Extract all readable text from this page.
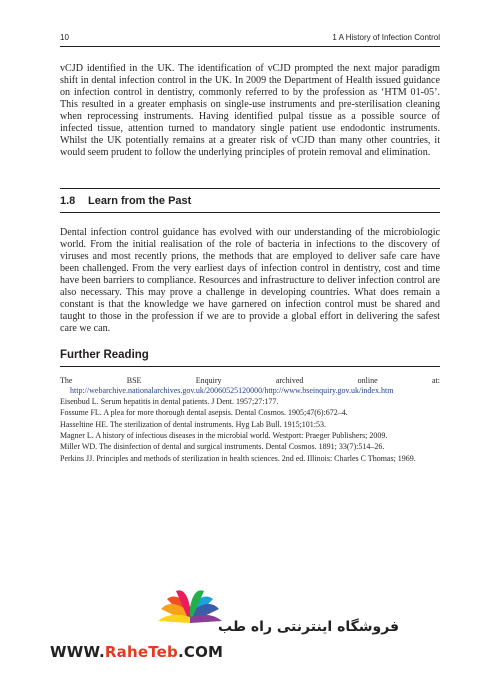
10	1 A History of Infection Control

vCJD identified in the UK. The identification of vCJD prompted the next major paradigm shift in dental infection control in the UK. In 2009 the Department of Health issued guidance on infection control in dentistry, commonly referred to by the profession as ‘HTM 01-05’. This resulted in a greater emphasis on single-use instruments and pre-sterilisation cleaning when reprocessing instruments. Having identified pulpal tissue as a possible source of infected tissue, attention turned to mandatory single patient use endodontic instruments. Whilst the UK potentially remains at a greater risk of vCJD than many other countries, it would seem prudent to follow the underlying principles of protein removal and elimination.

1.8 Learn from the Past

Dental infection control guidance has evolved with our understanding of the microbiologic world. From the initial realisation of the role of bacteria in infections to the discovery of viruses and most recently prions, the methods that are employed to deliver safe care have been challenged. From the very earliest days of infection control in dentistry, cost and time have been barriers to compliance. Resources and infrastructure to deliver infection control are also necessary. This may prove a challenge in developing countries. What does remain a constant is that the knowledge we have garnered on infection control must be shared and taught to those in the profession if we are to provide a global effort in delivering the safest care we can.

Further Reading
The BSE Enquiry archived online at: http://webarchive.nationalarchives.gov.uk/20060525120000/http://www.bseinquiry.gov.uk/index.htm
Eisenbud L. Serum hepatitis in dental patients. J Dent. 1957;27:177.
Fossume FL. A plea for more thorough dental asepsis. Dental Cosmos. 1905;47(6):672–4.
Hasseltine HE. The sterilization of dental instruments. Hyg Lab Bull. 1915;101:53.
Magner L. A history of infectious diseases in the microbial world. Westport: Praeger Publishers; 2009.
Miller WD. The disinfection of dental and surgical instruments. Dental Cosmos. 1891; 33(7):514–26.
Perkins JJ. Principles and methods of sterilization in health sciences. 2nd ed. Illinois: Charles C Thomas; 1969.
فروشگاه اینترنتی راه طب
WWW.RaheTeb.COM
